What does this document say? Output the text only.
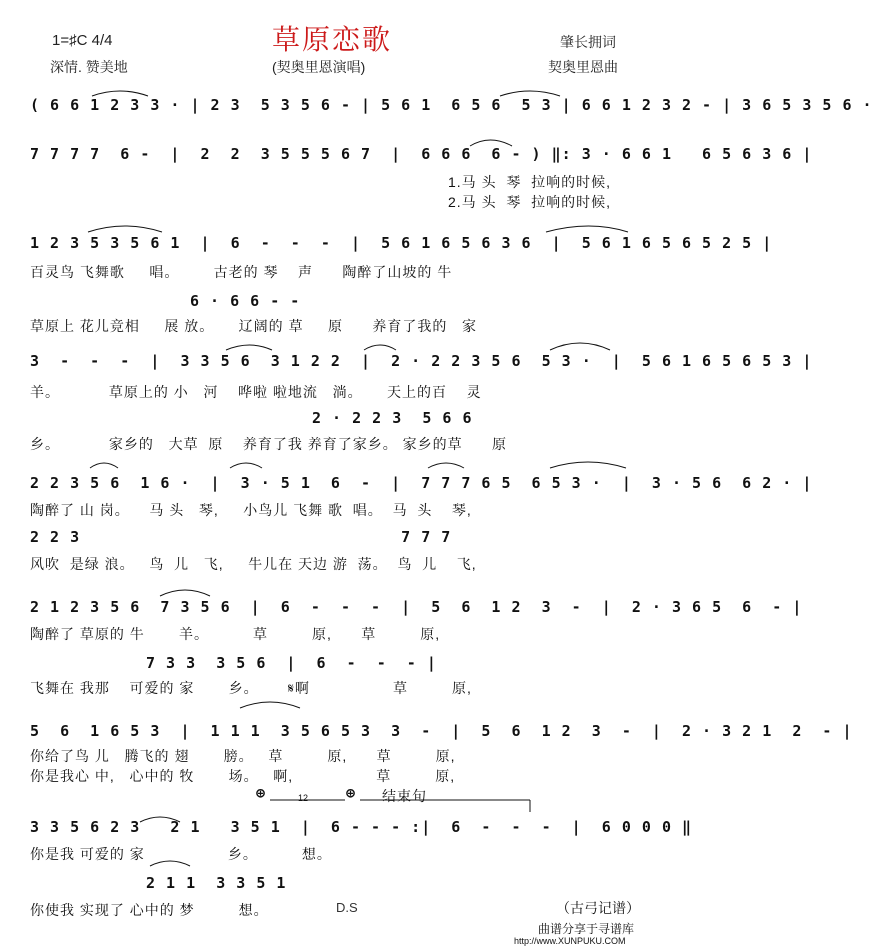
1=♯C 4/4
深情. 赞美地
草原恋歌
(契奥里恩演唱)
肇长拥词
契奥里恩曲
( 6 6 1 2 3 3 · | 2 3  5 3 5 6 - | 5 6 1  6 5 6  5 3 | 6 6 1 2 3 2 - | 3 6 5 3 5 6 ·
7 7 7 7  6 -  |  2  2  3 5 5 5 6 7  |  6 6 6  6 - ) ‖: 3 · 6 6 1   6 5 6 3 6 |
1.马 头  琴  拉响的时候,
2.马 头  琴  拉响的时候,
1 2 3 5 3 5 6 1  |  6  -  -  -  |  5 6 1 6 5 6 3 6  |  5 6 1 6 5 6 5 2 5 |
百灵鸟 飞舞歌     唱。       古老的 琴    声      陶醉了山坡的 牛
6 · 6 6 - -
草原上 花儿竞相     展 放。     辽阔的 草     原      养育了我的   家
3  -  -  -  |  3 3 5 6  3 1 2 2  |  2 · 2 2 3 5 6  5 3 ·  |  5 6 1 6 5 6 5 3 |
羊。          草原上的 小   河    哗啦 啦地流   淌。     天上的百    灵
2 · 2 2 3  5 6 6
乡。          家乡的   大草  原    养育了我 养育了家乡。 家乡的草      原
2 2 3 5 6  1 6 ·  |  3 · 5 1  6  -  |  7 7 7 6 5  6 5 3 ·  |  3 · 5 6  6 2 · |
陶醉了 山 岗。    马 头   琴,     小鸟儿 飞舞 歌  唱。  马  头    琴,
2 2 3                                7 7 7
风吹  是绿 浪。   鸟  儿   飞,     牛儿在 天边 游  荡。  鸟  儿    飞,
2 1 2 3 5 6  7 3 5 6  |  6  -  -  -  |  5  6  1 2  3  -  |  2 · 3 6 5  6  - |
陶醉了 草原的 牛       羊。         草         原,      草         原,
7 3 3  3 5 6  |  6  -  -  - |
飞舞在 我那    可爱的 家       乡。      𝄋啊                 草         原,
5  6  1 6 5 3  |  1 1 1  3 5 6 5 3  3  -  |  5  6  1 2  3  -  |  2 · 3 2 1  2  - |
你给了鸟 儿   腾飞的 翅       膀。   草         原,      草         原,
你是我心 中,   心中的 牧       场。   啊,                 草         原,
⊕	12	⊕ 结束句
3 3 5 6 2 3   2 1   3 5 1  |  6 - - - :|  6  -  -  -  |  6 0 0 0 ‖
你是我 可爱的 家                 乡。         想。
2 1 1  3 3 5 1
你使我 实现了 心中的 梦         想。	D.S	（古弓记谱）
曲谱分享于寻谱库
http://www.XUNPUKU.COM
